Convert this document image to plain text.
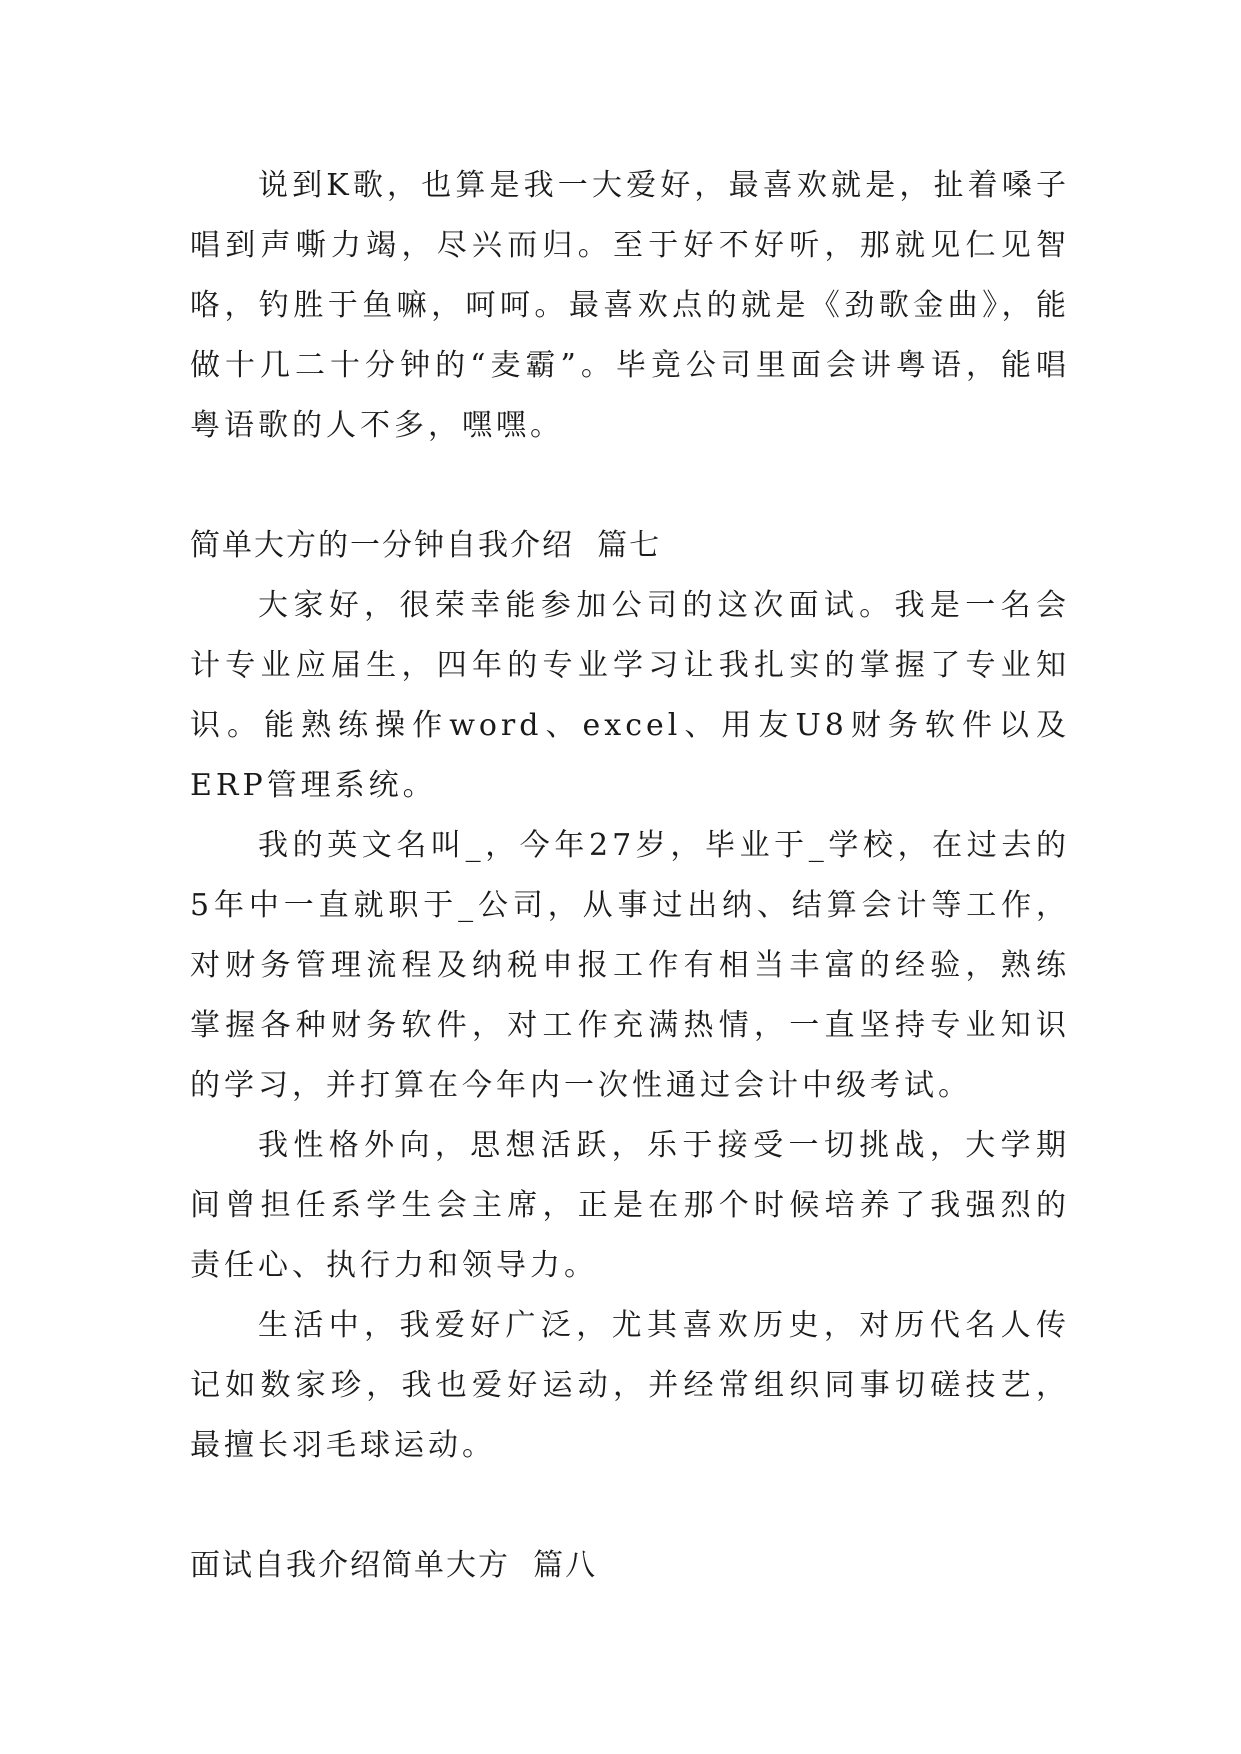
说到K歌，也算是我一大爱好，最喜欢就是，扯着嗓子唱到声嘶力竭，尽兴而归。至于好不好听，那就见仁见智咯，钓胜于鱼嘛，呵呵。最喜欢点的就是《劲歌金曲》，能做十几二十分钟的“麦霸”。毕竟公司里面会讲粤语，能唱粤语歌的人不多，嘿嘿。

简单大方的一分钟自我介绍  篇七

大家好，很荣幸能参加公司的这次面试。我是一名会计专业应届生，四年的专业学习让我扎实的掌握了专业知识。能熟练操作word、excel、用友U8财务软件以及ERP管理系统。

我的英文名叫_，今年27岁，毕业于_学校，在过去的5年中一直就职于_公司，从事过出纳、结算会计等工作，对财务管理流程及纳税申报工作有相当丰富的经验，熟练掌握各种财务软件，对工作充满热情，一直坚持专业知识的学习，并打算在今年内一次性通过会计中级考试。

我性格外向，思想活跃，乐于接受一切挑战，大学期间曾担任系学生会主席，正是在那个时候培养了我强烈的责任心、执行力和领导力。

生活中，我爱好广泛，尤其喜欢历史，对历代名人传记如数家珍，我也爱好运动，并经常组织同事切磋技艺，最擅长羽毛球运动。

面试自我介绍简单大方  篇八
